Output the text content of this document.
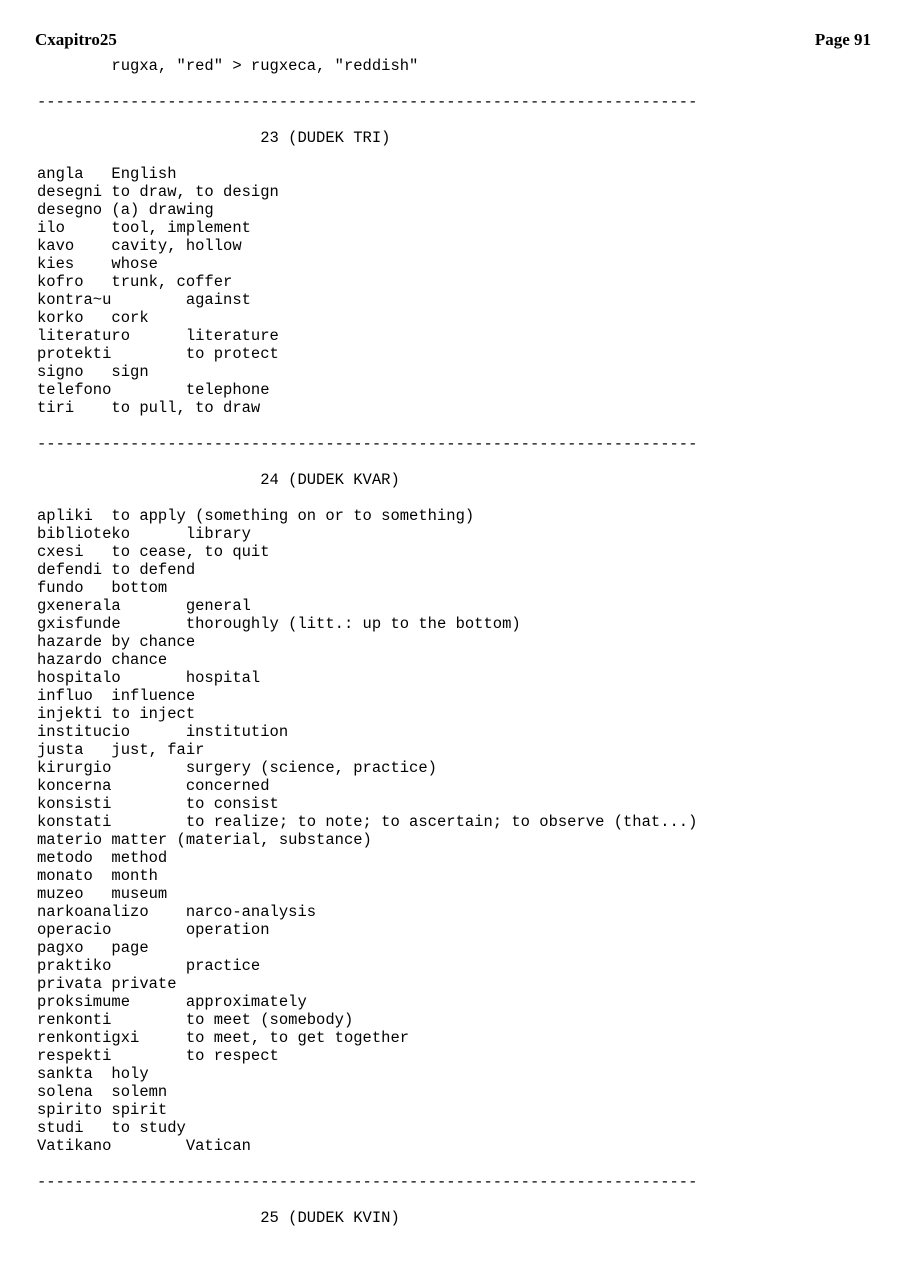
Cxapitro25	Page 91
rugxa, "red" > rugxeca, "reddish"
-----------------------------------------------------------------------
23 (DUDEK TRI)
angla   English
desegni to draw, to design
desegno (a) drawing
ilo     tool, implement
kavo    cavity, hollow
kies    whose
kofro   trunk, coffer
kontra~u        against
korko   cork
literaturo      literature
protekti        to protect
signo   sign
telefono        telephone
tiri    to pull, to draw
-----------------------------------------------------------------------
24 (DUDEK KVAR)
apliki  to apply (something on or to something)
biblioteko      library
cxesi   to cease, to quit
defendi to defend
fundo   bottom
gxenerala       general
gxisfunde       thoroughly (litt.: up to the bottom)
hazarde by chance
hazardo chance
hospitalo       hospital
influo  influence
injekti to inject
institucio      institution
justa   just, fair
kirurgio        surgery (science, practice)
koncerna        concerned
konsisti        to consist
konstati        to realize; to note; to ascertain; to observe (that...)
materio matter (material, substance)
metodo  method
monato  month
muzeo   museum
narkoanalizo    narco-analysis
operacio        operation
pagxo   page
praktiko        practice
privata private
proksimume      approximately
renkonti        to meet (somebody)
renkontigxi     to meet, to get together
respekti        to respect
sankta  holy
solena  solemn
spirito spirit
studi   to study
Vatikano        Vatican
-----------------------------------------------------------------------
25 (DUDEK KVIN)
